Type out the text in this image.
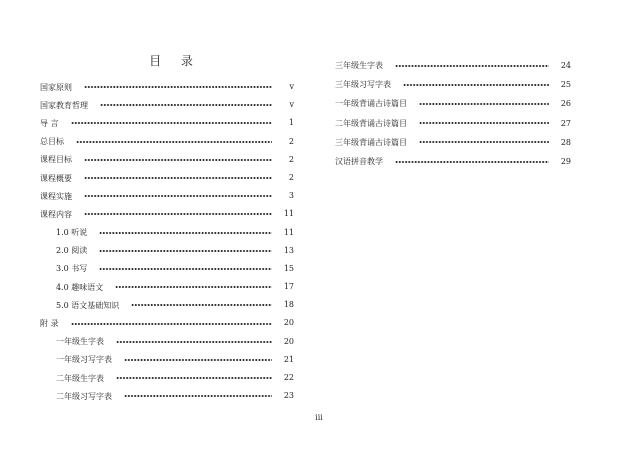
目 录
国家原则	v
国家教育哲理	v
导 言	1
总目标	2
课程目标	2
课程概要	2
课程实施	3
课程内容	11
1.0 听说	11
2.0 阅读	13
3.0 书写	15
4.0 趣味语文	17
5.0 语文基础知识	18
附 录	20
一年级生字表	20
一年级习写字表	21
二年级生字表	22
二年级习写字表	23
三年级生字表	24
三年级习写字表	25
一年级背诵古诗篇目	26
二年级背诵古诗篇目	27
三年级背诵古诗篇目	28
汉语拼音教学	29
iii
